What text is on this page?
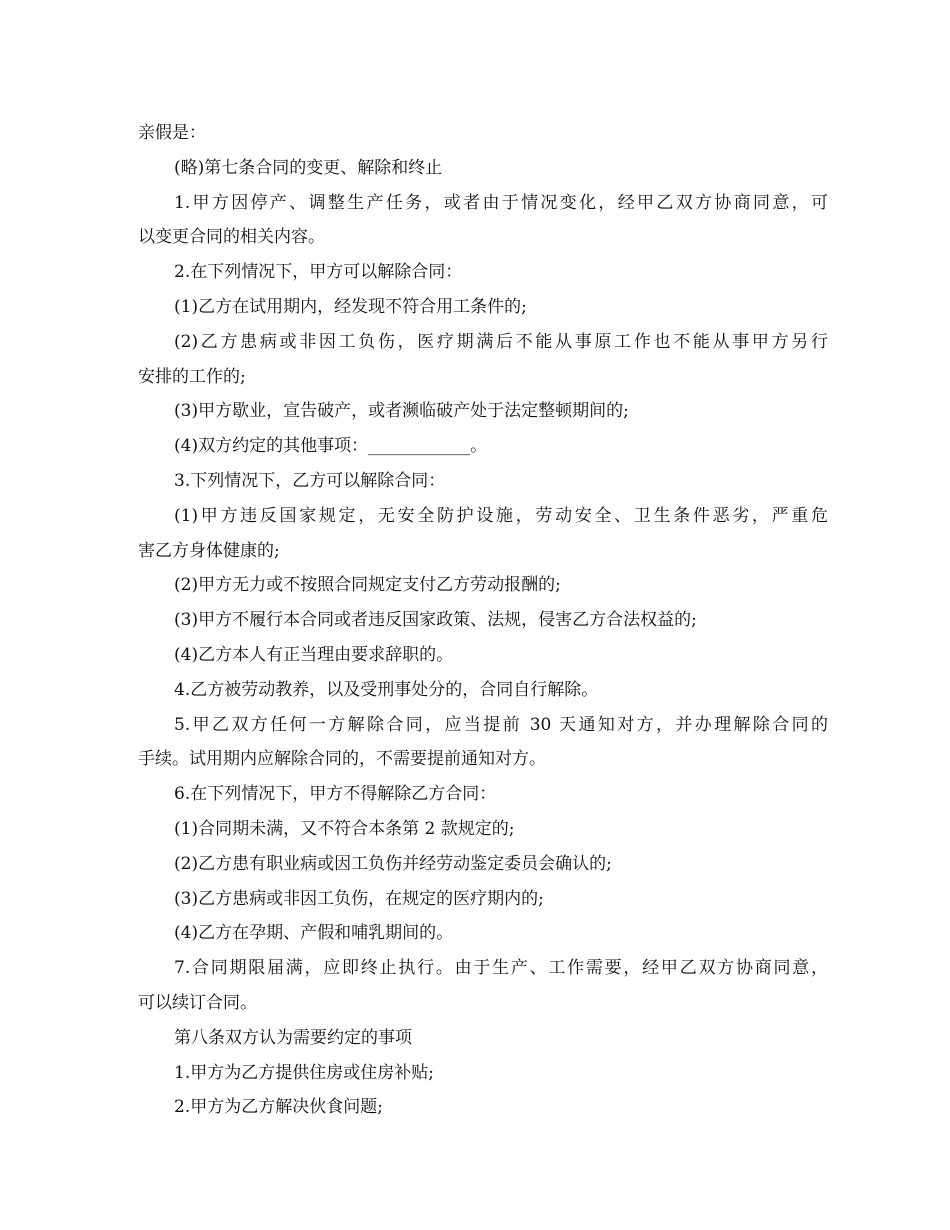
亲假是：
(略)第七条合同的变更、解除和终止
1.甲方因停产、调整生产任务，或者由于情况变化，经甲乙双方协商同意，可
以变更合同的相关内容。
2.在下列情况下，甲方可以解除合同：
(1)乙方在试用期内，经发现不符合用工条件的;
(2)乙方患病或非因工负伤，医疗期满后不能从事原工作也不能从事甲方另行
安排的工作的;
(3)甲方歇业，宣告破产，或者濒临破产处于法定整顿期间的;
(4)双方约定的其他事项：____________。
3.下列情况下，乙方可以解除合同：
(1)甲方违反国家规定，无安全防护设施，劳动安全、卫生条件恶劣，严重危
害乙方身体健康的;
(2)甲方无力或不按照合同规定支付乙方劳动报酬的;
(3)甲方不履行本合同或者违反国家政策、法规，侵害乙方合法权益的;
(4)乙方本人有正当理由要求辞职的。
4.乙方被劳动教养，以及受刑事处分的，合同自行解除。
5.甲乙双方任何一方解除合同，应当提前 30 天通知对方，并办理解除合同的
手续。试用期内应解除合同的，不需要提前通知对方。
6.在下列情况下，甲方不得解除乙方合同：
(1)合同期未满，又不符合本条第 2 款规定的;
(2)乙方患有职业病或因工负伤并经劳动鉴定委员会确认的;
(3)乙方患病或非因工负伤，在规定的医疗期内的;
(4)乙方在孕期、产假和哺乳期间的。
7.合同期限届满，应即终止执行。由于生产、工作需要，经甲乙双方协商同意，
可以续订合同。
第八条双方认为需要约定的事项
1.甲方为乙方提供住房或住房补贴;
2.甲方为乙方解决伙食问题;
